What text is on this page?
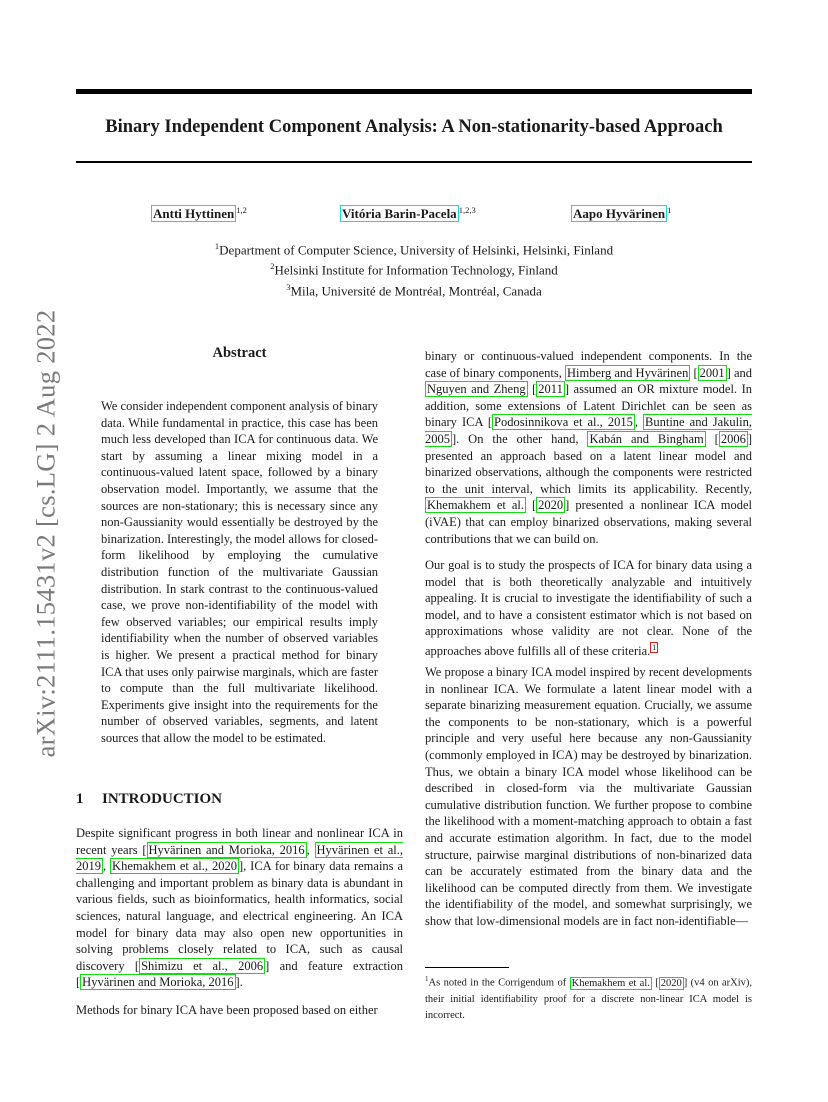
Binary Independent Component Analysis: A Non-stationarity-based Approach
Antti Hyttinen $^{1,2}$	Vitória Barin-Pacela $^{1,2,3}$	Aapo Hyvärinen $^1$
$^1$Department of Computer Science, University of Helsinki, Helsinki, Finland
$^2$Helsinki Institute for Information Technology, Finland
$^3$Mila, Université de Montréal, Montréal, Canada
arXiv:2111.15431v2 [cs.LG] 2 Aug 2022	Abstract
We consider independent component analysis of binary data. While fundamental in practice, this case has been much less developed than ICA for continuous data. We start by assuming a linear mixing model in a continuous-valued latent space, followed by a binary observation model. Importantly, we assume that the sources are non-stationary; this is necessary since any non-Gaussianity would essentially be destroyed by the binarization. Interestingly, the model allows for closed-form likelihood by employing the cumulative distribution function of the multivariate Gaussian distribution. In stark contrast to the continuous-valued case, we prove non-identifiability of the model with few observed variables; our empirical results imply identifiability when the number of observed variables is higher. We present a practical method for binary ICA that uses only pairwise marginals, which are faster to compute than the full multivariate likelihood. Experiments give insight into the requirements for the number of observed variables, segments, and latent sources that allow the model to be estimated.
1 INTRODUCTION

Despite significant progress in both linear and nonlinear ICA in recent years [ Hyvärinen and Morioka, 2016 , Hyvärinen et al., 2019 , Khemakhem et al., 2020 ], ICA for binary data remains a challenging and important problem as binary data is abundant in various fields, such as bioinformatics, health informatics, social sciences, natural language, and electrical engineering. An ICA model for binary data may also open new opportunities in solving problems closely related to ICA, such as causal discovery [ Shimizu et al., 2006 ] and feature extraction [ Hyvärinen and Morioka, 2016 ].

Methods for binary ICA have been proposed based on either

binary or continuous-valued independent components. In the case of binary components, Himberg and Hyvärinen [ 2001 ] and Nguyen and Zheng [ 2011 ] assumed an OR mixture model. In addition, some extensions of Latent Dirichlet can be seen as binary ICA [ Podosinnikova et al., 2015 , Buntine and Jakulin, 2005 ]. On the other hand, Kabán and Bingham [ 2006 ] presented an approach based on a latent linear model and binarized observations, although the components were restricted to the unit interval, which limits its applicability. Recently, Khemakhem et al. [ 2020 ] presented a nonlinear ICA model (iVAE) that can employ binarized observations, making several contributions that we can build on.

Our goal is to study the prospects of ICA for binary data using a model that is both theoretically analyzable and intuitively appealing. It is crucial to investigate the identifiability of such a model, and to have a consistent estimator which is not based on approximations whose validity are not clear. None of the approaches above fulfills all of these criteria. $^1$

We propose a binary ICA model inspired by recent developments in nonlinear ICA. We formulate a latent linear model with a separate binarizing measurement equation. Crucially, we assume the components to be non-stationary, which is a powerful principle and very useful here because any non-Gaussianity (commonly employed in ICA) may be destroyed by binarization. Thus, we obtain a binary ICA model whose likelihood can be described in closed-form via the multivariate Gaussian cumulative distribution function. We further propose to combine the likelihood with a moment-matching approach to obtain a fast and accurate estimation algorithm. In fact, due to the model structure, pairwise marginal distributions of non-binarized data can be accurately estimated from the binary data and the likelihood can be computed directly from them. We investigate the identifiability of the model, and somewhat surprisingly, we show that low-dimensional models are in fact non-identifiable—

$^1$As noted in the Corrigendum of Khemakhem et al. [ 2020 ] (v4 on arXiv), their initial identifiability proof for a discrete non-linear ICA model is incorrect.
